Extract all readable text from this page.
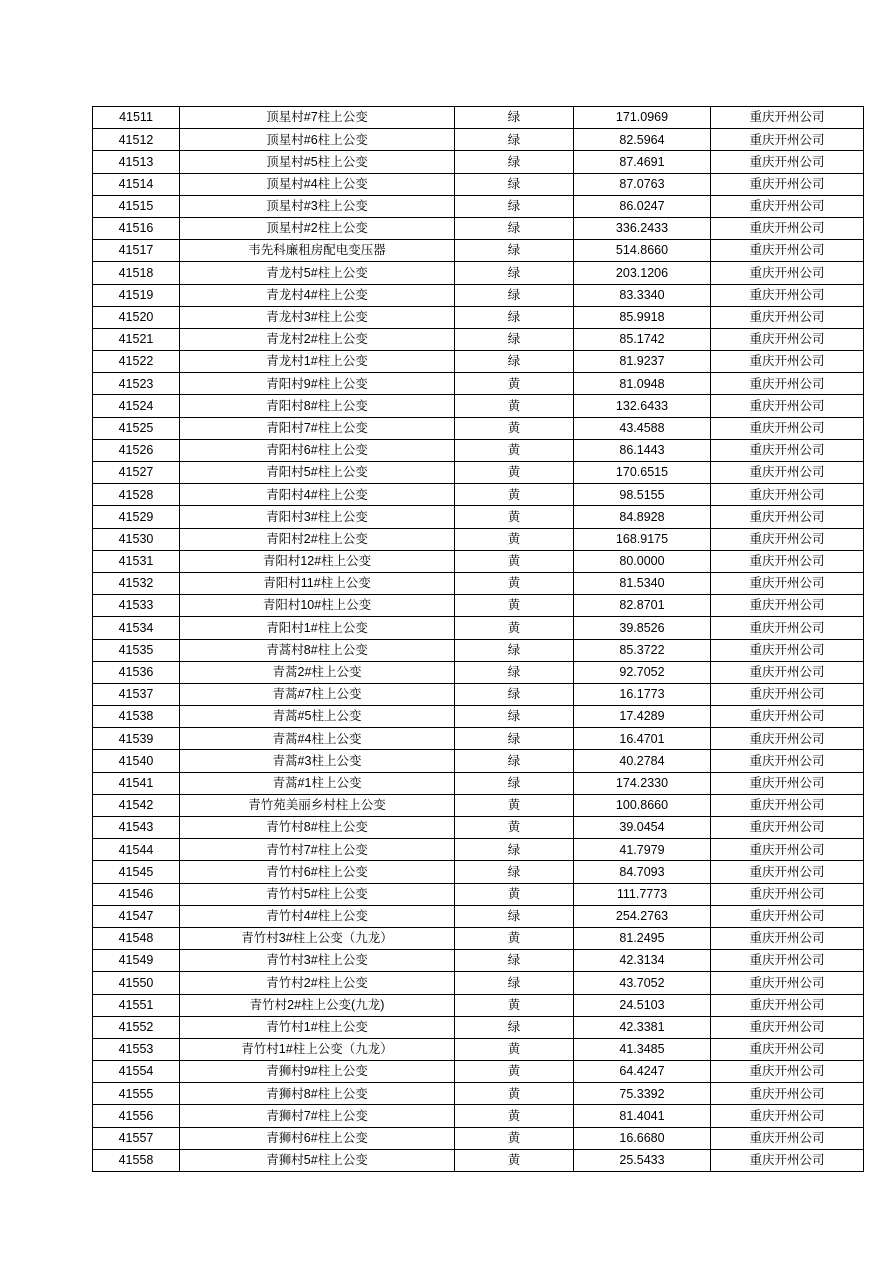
41511	顶星村#7柱上公变	绿	171.0969	重庆开州公司
41512	顶星村#6柱上公变	绿	82.5964	重庆开州公司
41513	顶星村#5柱上公变	绿	87.4691	重庆开州公司
41514	顶星村#4柱上公变	绿	87.0763	重庆开州公司
41515	顶星村#3柱上公变	绿	86.0247	重庆开州公司
41516	顶星村#2柱上公变	绿	336.2433	重庆开州公司
41517	韦先科廉租房配电变压器	绿	514.8660	重庆开州公司
41518	青龙村5#柱上公变	绿	203.1206	重庆开州公司
41519	青龙村4#柱上公变	绿	83.3340	重庆开州公司
41520	青龙村3#柱上公变	绿	85.9918	重庆开州公司
41521	青龙村2#柱上公变	绿	85.1742	重庆开州公司
41522	青龙村1#柱上公变	绿	81.9237	重庆开州公司
41523	青阳村9#柱上公变	黄	81.0948	重庆开州公司
41524	青阳村8#柱上公变	黄	132.6433	重庆开州公司
41525	青阳村7#柱上公变	黄	43.4588	重庆开州公司
41526	青阳村6#柱上公变	黄	86.1443	重庆开州公司
41527	青阳村5#柱上公变	黄	170.6515	重庆开州公司
41528	青阳村4#柱上公变	黄	98.5155	重庆开州公司
41529	青阳村3#柱上公变	黄	84.8928	重庆开州公司
41530	青阳村2#柱上公变	黄	168.9175	重庆开州公司
41531	青阳村12#柱上公变	黄	80.0000	重庆开州公司
41532	青阳村11#柱上公变	黄	81.5340	重庆开州公司
41533	青阳村10#柱上公变	黄	82.8701	重庆开州公司
41534	青阳村1#柱上公变	黄	39.8526	重庆开州公司
41535	青蒿村8#柱上公变	绿	85.3722	重庆开州公司
41536	青蒿2#柱上公变	绿	92.7052	重庆开州公司
41537	青蒿#7柱上公变	绿	16.1773	重庆开州公司
41538	青蒿#5柱上公变	绿	17.4289	重庆开州公司
41539	青蒿#4柱上公变	绿	16.4701	重庆开州公司
41540	青蒿#3柱上公变	绿	40.2784	重庆开州公司
41541	青蒿#1柱上公变	绿	174.2330	重庆开州公司
41542	青竹苑美丽乡村柱上公变	黄	100.8660	重庆开州公司
41543	青竹村8#柱上公变	黄	39.0454	重庆开州公司
41544	青竹村7#柱上公变	绿	41.7979	重庆开州公司
41545	青竹村6#柱上公变	绿	84.7093	重庆开州公司
41546	青竹村5#柱上公变	黄	111.7773	重庆开州公司
41547	青竹村4#柱上公变	绿	254.2763	重庆开州公司
41548	青竹村3#柱上公变（九龙）	黄	81.2495	重庆开州公司
41549	青竹村3#柱上公变	绿	42.3134	重庆开州公司
41550	青竹村2#柱上公变	绿	43.7052	重庆开州公司
41551	青竹村2#柱上公变(九龙)	黄	24.5103	重庆开州公司
41552	青竹村1#柱上公变	绿	42.3381	重庆开州公司
41553	青竹村1#柱上公变（九龙）	黄	41.3485	重庆开州公司
41554	青狮村9#柱上公变	黄	64.4247	重庆开州公司
41555	青狮村8#柱上公变	黄	75.3392	重庆开州公司
41556	青狮村7#柱上公变	黄	81.4041	重庆开州公司
41557	青狮村6#柱上公变	黄	16.6680	重庆开州公司
41558	青狮村5#柱上公变	黄	25.5433	重庆开州公司
